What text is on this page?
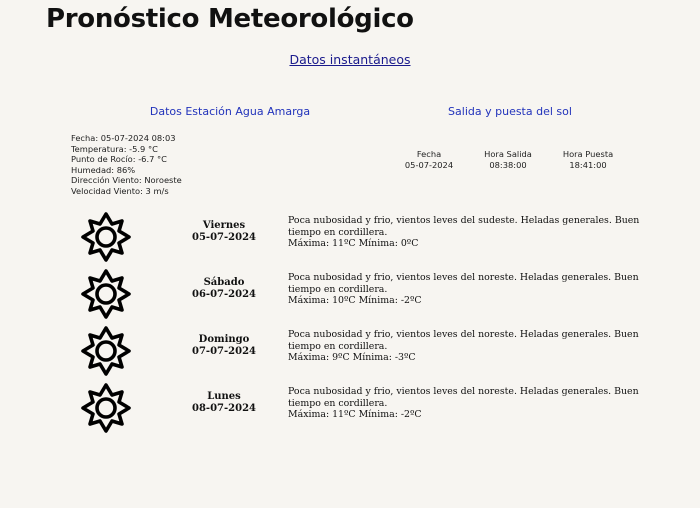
Pronóstico Meteorológico
Datos instantáneos
Datos Estación Agua Amarga	Salida y puesta del sol
Fecha: 05-07-2024 08:03
Temperatura: -5.9 °C
Punto de Rocío: -6.7 °C
Humedad: 86%
Dirección Viento: Noroeste
Velocidad Viento: 3 m/s
Fecha	Hora Salida	Hora Puesta
05-07-2024	08:38:00	18:41:00
Viernes
05-07-2024
Poca nubosidad y frio, vientos leves del sudeste. Heladas generales. Buen tiempo en cordillera.
Máxima: 11ºC Mínima: 0ºC
Sábado
06-07-2024
Poca nubosidad y frio, vientos leves del noreste. Heladas generales. Buen tiempo en cordillera.
Máxima: 10ºC Mínima: -2ºC
Domingo
07-07-2024
Poca nubosidad y frio, vientos leves del noreste. Heladas generales. Buen tiempo en cordillera.
Máxima: 9ºC Mínima: -3ºC
Lunes
08-07-2024
Poca nubosidad y frio, vientos leves del noreste. Heladas generales. Buen tiempo en cordillera.
Máxima: 11ºC Mínima: -2ºC
